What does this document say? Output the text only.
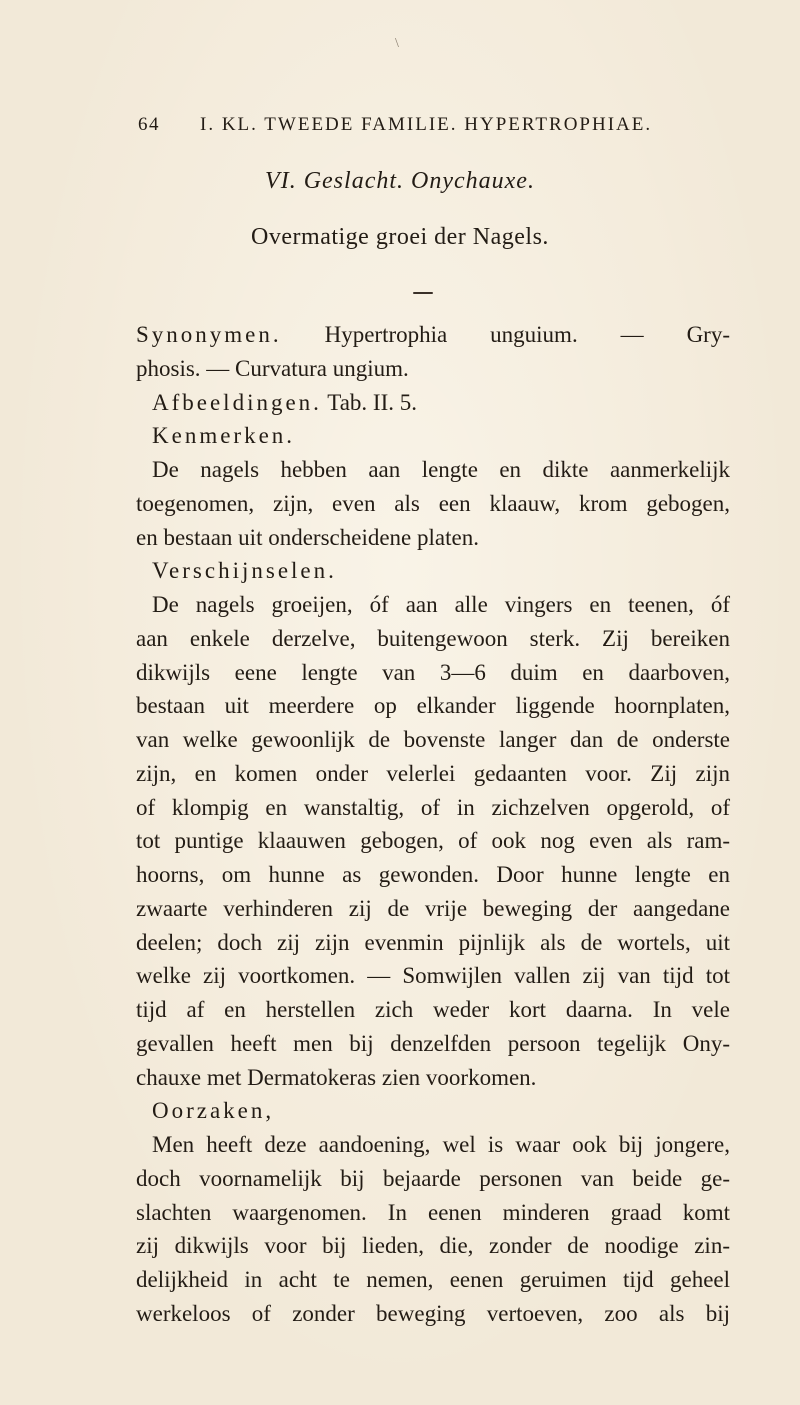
\
64 I. KL. TWEEDE FAMILIE. HYPERTROPHIAE.
VI. Geslacht. Onychauxe.
Overmatige groei der Nagels.
Synonymen. Hypertrophia unguium. — Gry-
phosis. — Curvatura ungium.
Afbeeldingen. Tab. II. 5.
Kenmerken.
De nagels hebben aan lengte en dikte aanmerkelijk
toegenomen, zijn, even als een klaauw, krom gebogen,
en bestaan uit onderscheidene platen.
Verschijnselen.
De nagels groeijen, óf aan alle vingers en teenen, óf
aan enkele derzelve, buitengewoon sterk. Zij bereiken
dikwijls eene lengte van 3—6 duim en daarboven,
bestaan uit meerdere op elkander liggende hoornplaten,
van welke gewoonlijk de bovenste langer dan de onderste
zijn, en komen onder velerlei gedaanten voor. Zij zijn
of klompig en wanstaltig, of in zichzelven opgerold, of
tot puntige klaauwen gebogen, of ook nog even als ram-
hoorns, om hunne as gewonden. Door hunne lengte en
zwaarte verhinderen zij de vrije beweging der aangedane
deelen; doch zij zijn evenmin pijnlijk als de wortels, uit
welke zij voortkomen. — Somwijlen vallen zij van tijd tot
tijd af en herstellen zich weder kort daarna. In vele
gevallen heeft men bij denzelfden persoon tegelijk Ony-
chauxe met Dermatokeras zien voorkomen.
Oorzaken,
Men heeft deze aandoening, wel is waar ook bij jongere,
doch voornamelijk bij bejaarde personen van beide ge-
slachten waargenomen. In eenen minderen graad komt
zij dikwijls voor bij lieden, die, zonder de noodige zin-
delijkheid in acht te nemen, eenen geruimen tijd geheel
werkeloos of zonder beweging vertoeven, zoo als bij
